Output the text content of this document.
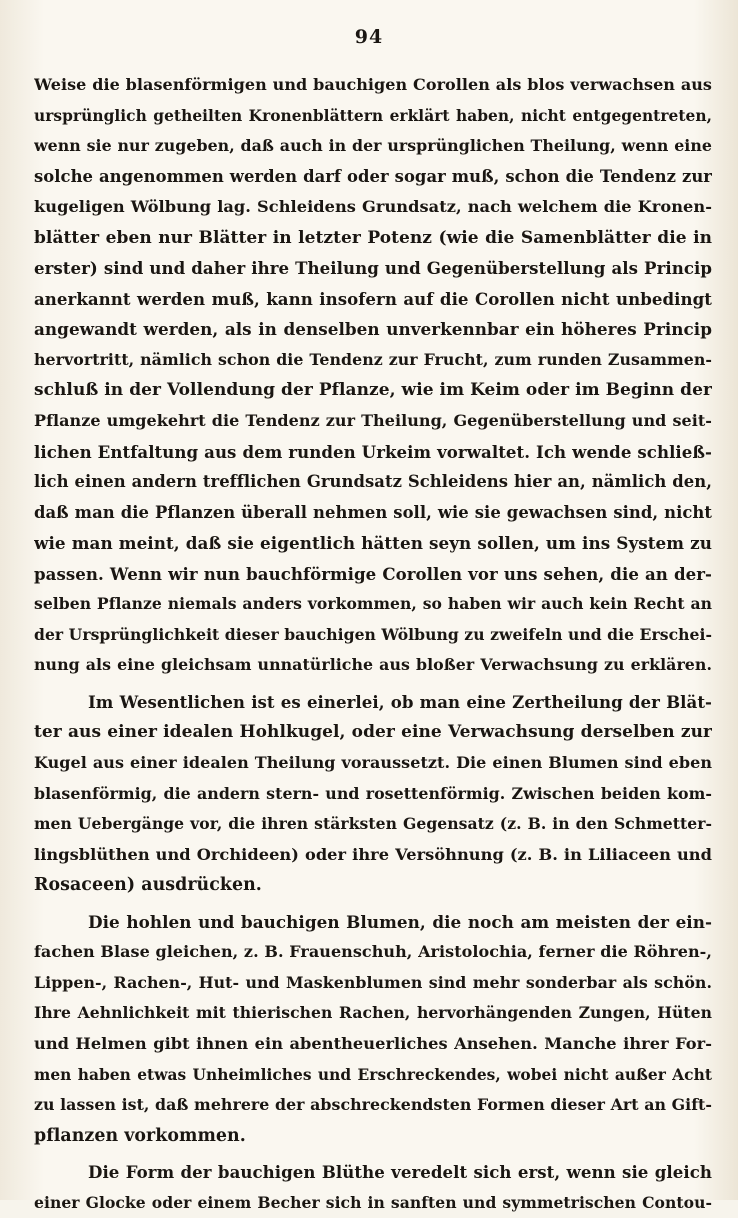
94
Weise die blasenförmigen und bauchigen Corollen als blos verwachsen aus
ursprünglich getheilten Kronenblättern erklärt haben, nicht entgegentreten,
wenn sie nur zugeben, daß auch in der ursprünglichen Theilung, wenn eine
solche angenommen werden darf oder sogar muß, schon die Tendenz zur
kugeligen Wölbung lag. Schleidens Grundsatz, nach welchem die Kronen-
blätter eben nur Blätter in letzter Potenz (wie die Samenblätter die in
erster) sind und daher ihre Theilung und Gegenüberstellung als Princip
anerkannt werden muß, kann insofern auf die Corollen nicht unbedingt
angewandt werden, als in denselben unverkennbar ein höheres Princip
hervortritt, nämlich schon die Tendenz zur Frucht, zum runden Zusammen-
schluß in der Vollendung der Pflanze, wie im Keim oder im Beginn der
Pflanze umgekehrt die Tendenz zur Theilung, Gegenüberstellung und seit-
lichen Entfaltung aus dem runden Urkeim vorwaltet. Ich wende schließ-
lich einen andern trefflichen Grundsatz Schleidens hier an, nämlich den,
daß man die Pflanzen überall nehmen soll, wie sie gewachsen sind, nicht
wie man meint, daß sie eigentlich hätten seyn sollen, um ins System zu
passen. Wenn wir nun bauchförmige Corollen vor uns sehen, die an der-
selben Pflanze niemals anders vorkommen, so haben wir auch kein Recht an
der Ursprünglichkeit dieser bauchigen Wölbung zu zweifeln und die Erschei-
nung als eine gleichsam unnatürliche aus bloßer Verwachsung zu erklären.
Im Wesentlichen ist es einerlei, ob man eine Zertheilung der Blät-
ter aus einer idealen Hohlkugel, oder eine Verwachsung derselben zur
Kugel aus einer idealen Theilung voraussetzt. Die einen Blumen sind eben
blasenförmig, die andern stern- und rosettenförmig. Zwischen beiden kom-
men Uebergänge vor, die ihren stärksten Gegensatz (z. B. in den Schmetter-
lingsblüthen und Orchideen) oder ihre Versöhnung (z. B. in Liliaceen und
Rosaceen) ausdrücken.
Die hohlen und bauchigen Blumen, die noch am meisten der ein-
fachen Blase gleichen, z. B. Frauenschuh, Aristolochia, ferner die Röhren-,
Lippen-, Rachen-, Hut- und Maskenblumen sind mehr sonderbar als schön.
Ihre Aehnlichkeit mit thierischen Rachen, hervorhängenden Zungen, Hüten
und Helmen gibt ihnen ein abentheuerliches Ansehen. Manche ihrer For-
men haben etwas Unheimliches und Erschreckendes, wobei nicht außer Acht
zu lassen ist, daß mehrere der abschreckendsten Formen dieser Art an Gift-
pflanzen vorkommen.
Die Form der bauchigen Blüthe veredelt sich erst, wenn sie gleich
einer Glocke oder einem Becher sich in sanften und symmetrischen Contou-
